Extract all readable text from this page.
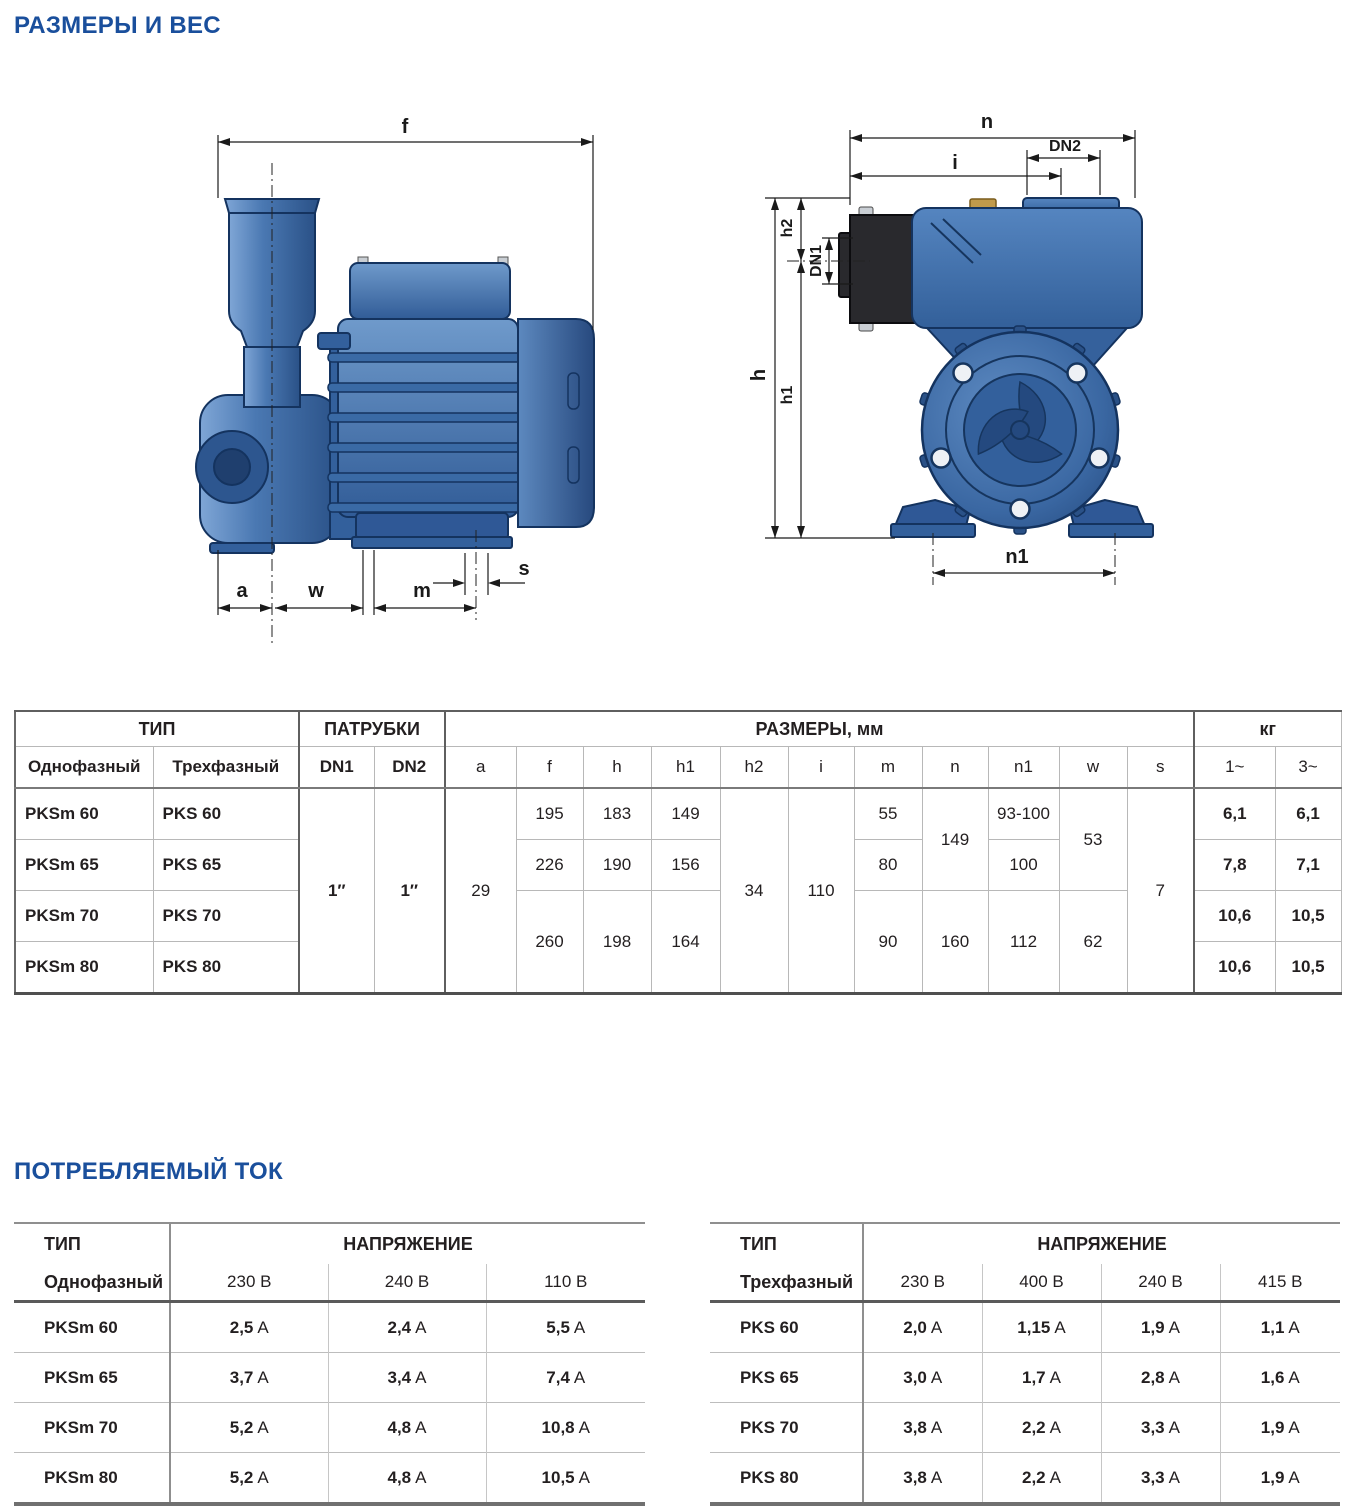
РАЗМЕРЫ И ВЕС
f
a	w	m
s
n
DN2
i
h
h2
h1
DN1
n1
ТИП		ПАТРУБКИ		РАЗМЕРЫ, мм											кг	
Однофазный	Трехфазный	DN1	DN2	a	f	h	h1	h2	i	m	n	n1	w	s	1~	3~
PKSm 60	PKS 60	1″	1″	29	195	183	149	34	110	55	149	93-100	53	7	6,1	6,1
PKSm 65	PKS 65				226	190	156			80		100			7,8	7,1
PKSm 70	PKS 70				260	198	164			90	160	112	62		10,6	10,5
PKSm 80	PKS 80														10,6	10,5
ПОТРЕБЛЯЕМЫЙ ТОК
ТИП	НАПРЯЖЕНИЕ		
Однофазный	230 В	240 В	110 В
PKSm 60	2,5 A	2,4 A	5,5 A
PKSm 65	3,7 A	3,4 A	7,4 A
PKSm 70	5,2 A	4,8 A	10,8 A
PKSm 80	5,2 A	4,8 A	10,5 A
ТИП	НАПРЯЖЕНИЕ			
Трехфазный	230 В	400 В	240 В	415 В
PKS 60	2,0 A	1,15 A	1,9 A	1,1 A
PKS 65	3,0 A	1,7 A	2,8 A	1,6 A
PKS 70	3,8 A	2,2 A	3,3 A	1,9 A
PKS 80	3,8 A	2,2 A	3,3 A	1,9 A
